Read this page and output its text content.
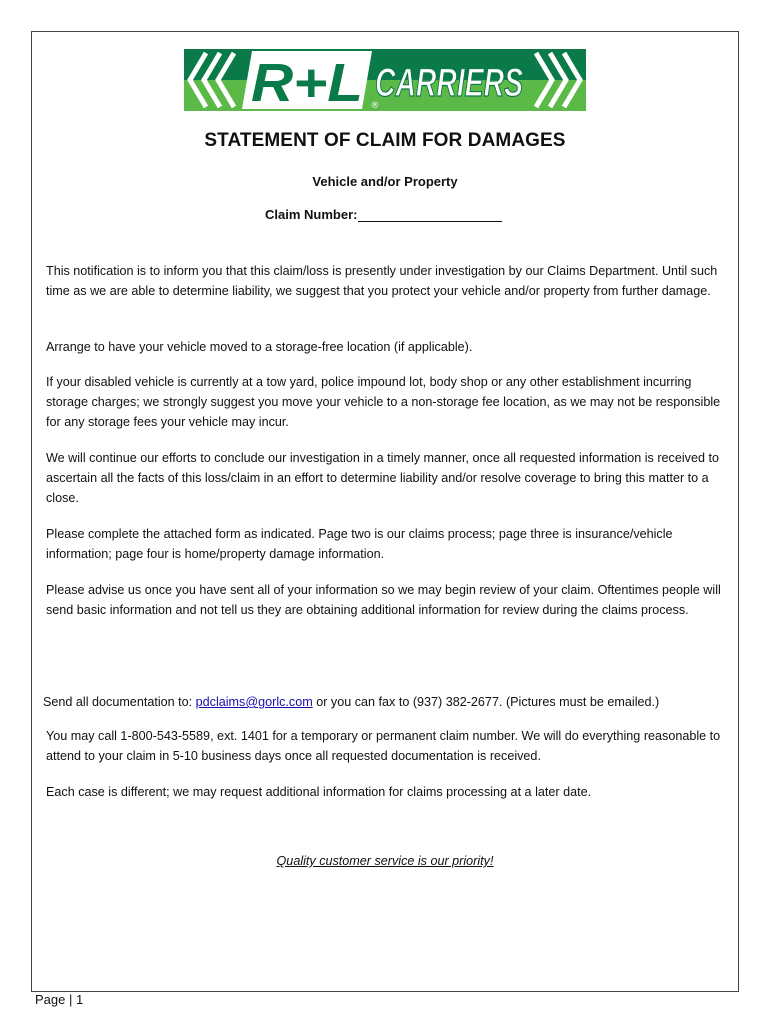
R+L CARRIERS
®
STATEMENT OF CLAIM FOR DAMAGES
Vehicle and/or Property
Claim Number:

This notification is to inform you that this claim/loss is presently under investigation by our Claims Department. Until such time as we are able to determine liability, we suggest that you protect your vehicle and/or property from further damage.

Arrange to have your vehicle moved to a storage-free location (if applicable).

If your disabled vehicle is currently at a tow yard, police impound lot, body shop or any other establishment incurring storage charges; we strongly suggest you move your vehicle to a non-storage fee location, as we may not be responsible for any storage fees your vehicle may incur.

We will continue our efforts to conclude our investigation in a timely manner, once all requested information is received to ascertain all the facts of this loss/claim in an effort to determine liability and/or resolve coverage to bring this matter to a close.

Please complete the attached form as indicated. Page two is our claims process; page three is insurance/vehicle information; page four is home/property damage information.

Please advise us once you have sent all of your information so we may begin review of your claim. Oftentimes people will send basic information and not tell us they are obtaining additional information for review during the claims process.

Send all documentation to: pdclaims@gorlc.com or you can fax to (937) 382-2677. (Pictures must be emailed.)

You may call 1-800-543-5589, ext. 1401 for a temporary or permanent claim number. We will do everything reasonable to attend to your claim in 5-10 business days once all requested documentation is received.

Each case is different; we may request additional information for claims processing at a later date.

Quality customer service is our priority!
Page | 1
